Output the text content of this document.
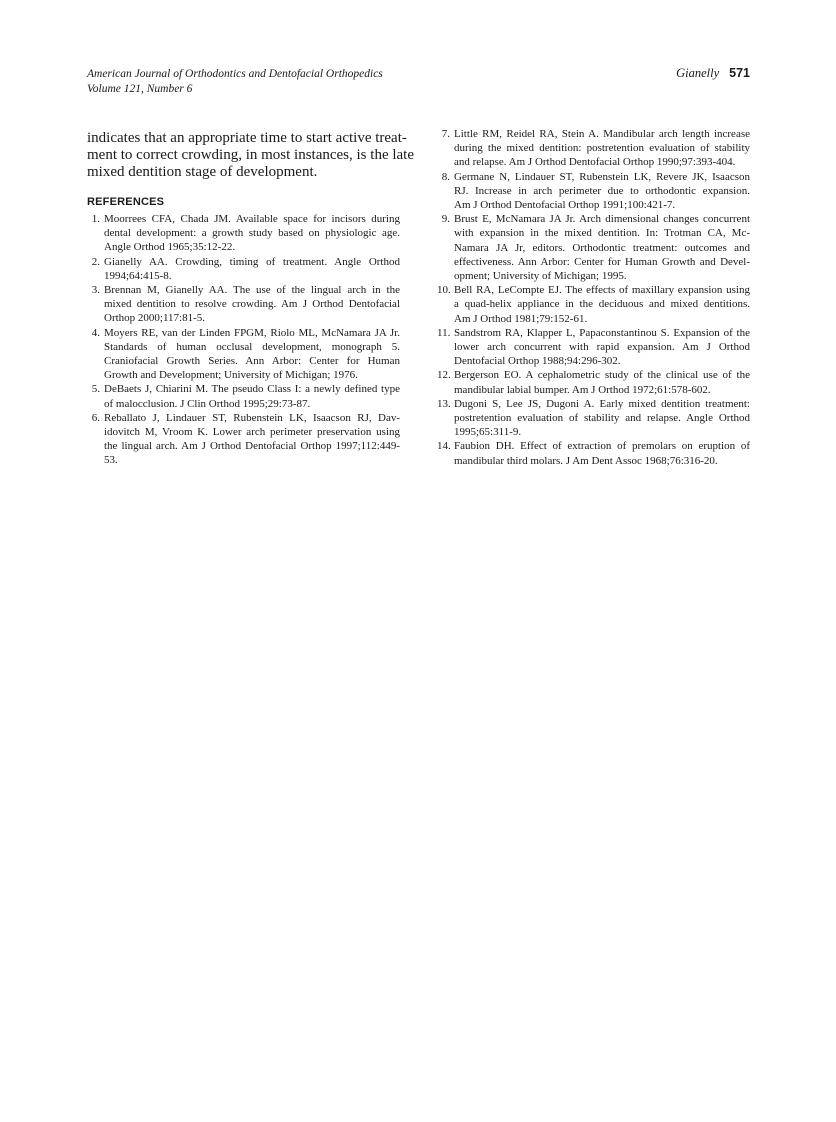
American Journal of Orthodontics and Dentofacial Orthopedics
Volume 121, Number 6
Gianelly 571
indicates that an appropriate time to start active treat-
ment to correct crowding, in most instances, is the late
mixed dentition stage of development.
REFERENCES
1. Moorrees CFA, Chada JM. Available space for incisors during
dental development: a growth study based on physiologic age.
Angle Orthod 1965;35:12-22.
2. Gianelly AA. Crowding, timing of treatment. Angle Orthod
1994;64:415-8.
3. Brennan M, Gianelly AA. The use of the lingual arch in the
mixed dentition to resolve crowding. Am J Orthod Dentofacial
Orthop 2000;117:81-5.
4. Moyers RE, van der Linden FPGM, Riolo ML, McNamara JA Jr.
Standards of human occlusal development, monograph 5.
Craniofacial Growth Series. Ann Arbor: Center for Human
Growth and Development; University of Michigan; 1976.
5. DeBaets J, Chiarini M. The pseudo Class I: a newly defined type
of malocclusion. J Clin Orthod 1995;29:73-87.
6. Reballato J, Lindauer ST, Rubenstein LK, Isaacson RJ, Dav-
idovitch M, Vroom K. Lower arch perimeter preservation using
the lingual arch. Am J Orthod Dentofacial Orthop 1997;112:449-
53.
7. Little RM, Reidel RA, Stein A. Mandibular arch length increase
during the mixed dentition: postretention evaluation of stability
and relapse. Am J Orthod Dentofacial Orthop 1990;97:393-404.
8. Germane N, Lindauer ST, Rubenstein LK, Revere JK, Isaacson
RJ. Increase in arch perimeter due to orthodontic expansion.
Am J Orthod Dentofacial Orthop 1991;100:421-7.
9. Brust E, McNamara JA Jr. Arch dimensional changes concurrent
with expansion in the mixed dentition. In: Trotman CA, Mc-
Namara JA Jr, editors. Orthodontic treatment: outcomes and
effectiveness. Ann Arbor: Center for Human Growth and Devel-
opment; University of Michigan; 1995.
10. Bell RA, LeCompte EJ. The effects of maxillary expansion using
a quad-helix appliance in the deciduous and mixed dentitions.
Am J Orthod 1981;79:152-61.
11. Sandstrom RA, Klapper L, Papaconstantinou S. Expansion of the
lower arch concurrent with rapid expansion. Am J Orthod
Dentofacial Orthop 1988;94:296-302.
12. Bergerson EO. A cephalometric study of the clinical use of the
mandibular labial bumper. Am J Orthod 1972;61:578-602.
13. Dugoni S, Lee JS, Dugoni A. Early mixed dentition treatment:
postretention evaluation of stability and relapse. Angle Orthod
1995;65:311-9.
14. Faubion DH. Effect of extraction of premolars on eruption of
mandibular third molars. J Am Dent Assoc 1968;76:316-20.
